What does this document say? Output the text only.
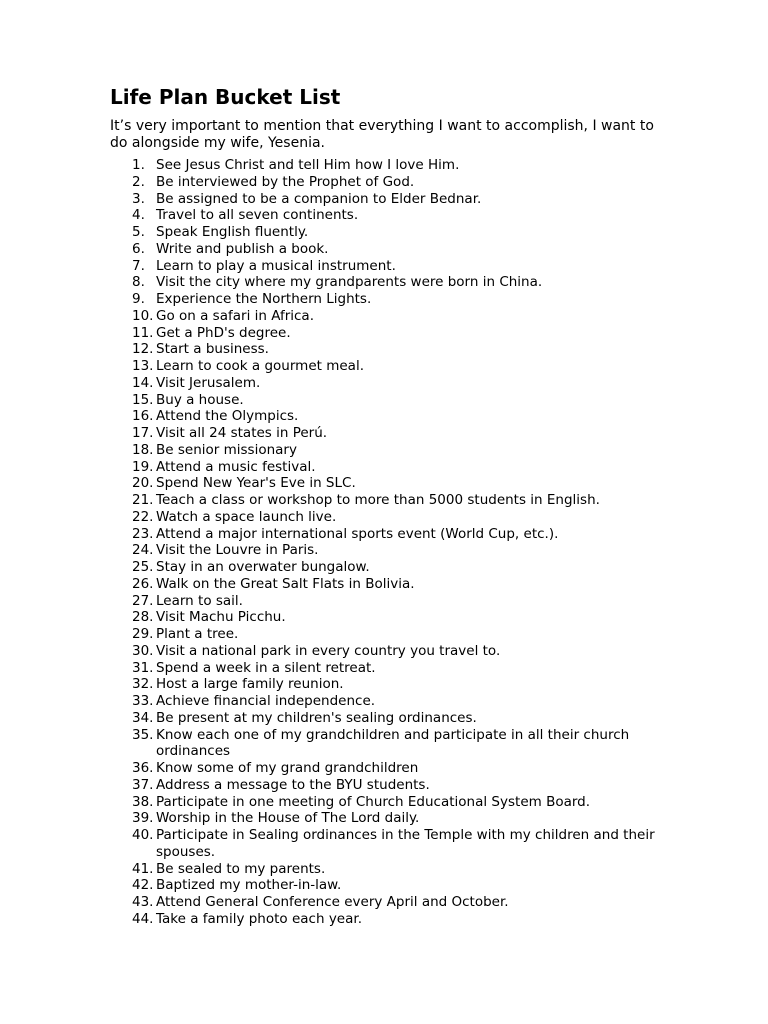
Life Plan Bucket List

It’s very important to mention that everything I want to accomplish, I want to do alongside my wife, Yesenia.

1. See Jesus Christ and tell Him how I love Him.
2. Be interviewed by the Prophet of God.
3. Be assigned to be a companion to Elder Bednar.
4. Travel to all seven continents.
5. Speak English fluently.
6. Write and publish a book.
7. Learn to play a musical instrument.
8. Visit the city where my grandparents were born in China.
9. Experience the Northern Lights.
10. Go on a safari in Africa.
11. Get a PhD's degree.
12. Start a business.
13. Learn to cook a gourmet meal.
14. Visit Jerusalem.
15. Buy a house.
16. Attend the Olympics.
17. Visit all 24 states in Perú.
18. Be senior missionary
19. Attend a music festival.
20. Spend New Year's Eve in SLC.
21. Teach a class or workshop to more than 5000 students in English.
22. Watch a space launch live.
23. Attend a major international sports event (World Cup, etc.).
24. Visit the Louvre in Paris.
25. Stay in an overwater bungalow.
26. Walk on the Great Salt Flats in Bolivia.
27. Learn to sail.
28. Visit Machu Picchu.
29. Plant a tree.
30. Visit a national park in every country you travel to.
31. Spend a week in a silent retreat.
32. Host a large family reunion.
33. Achieve financial independence.
34. Be present at my children's sealing ordinances.
35. Know each one of my grandchildren and participate in all their church ordinances
36. Know some of my grand grandchildren
37. Address a message to the BYU students.
38. Participate in one meeting of Church Educational System Board.
39. Worship in the House of The Lord daily.
40. Participate in Sealing ordinances in the Temple with my children and their spouses.
41. Be sealed to my parents.
42. Baptized my mother-in-law.
43. Attend General Conference every April and October.
44. Take a family photo each year.
